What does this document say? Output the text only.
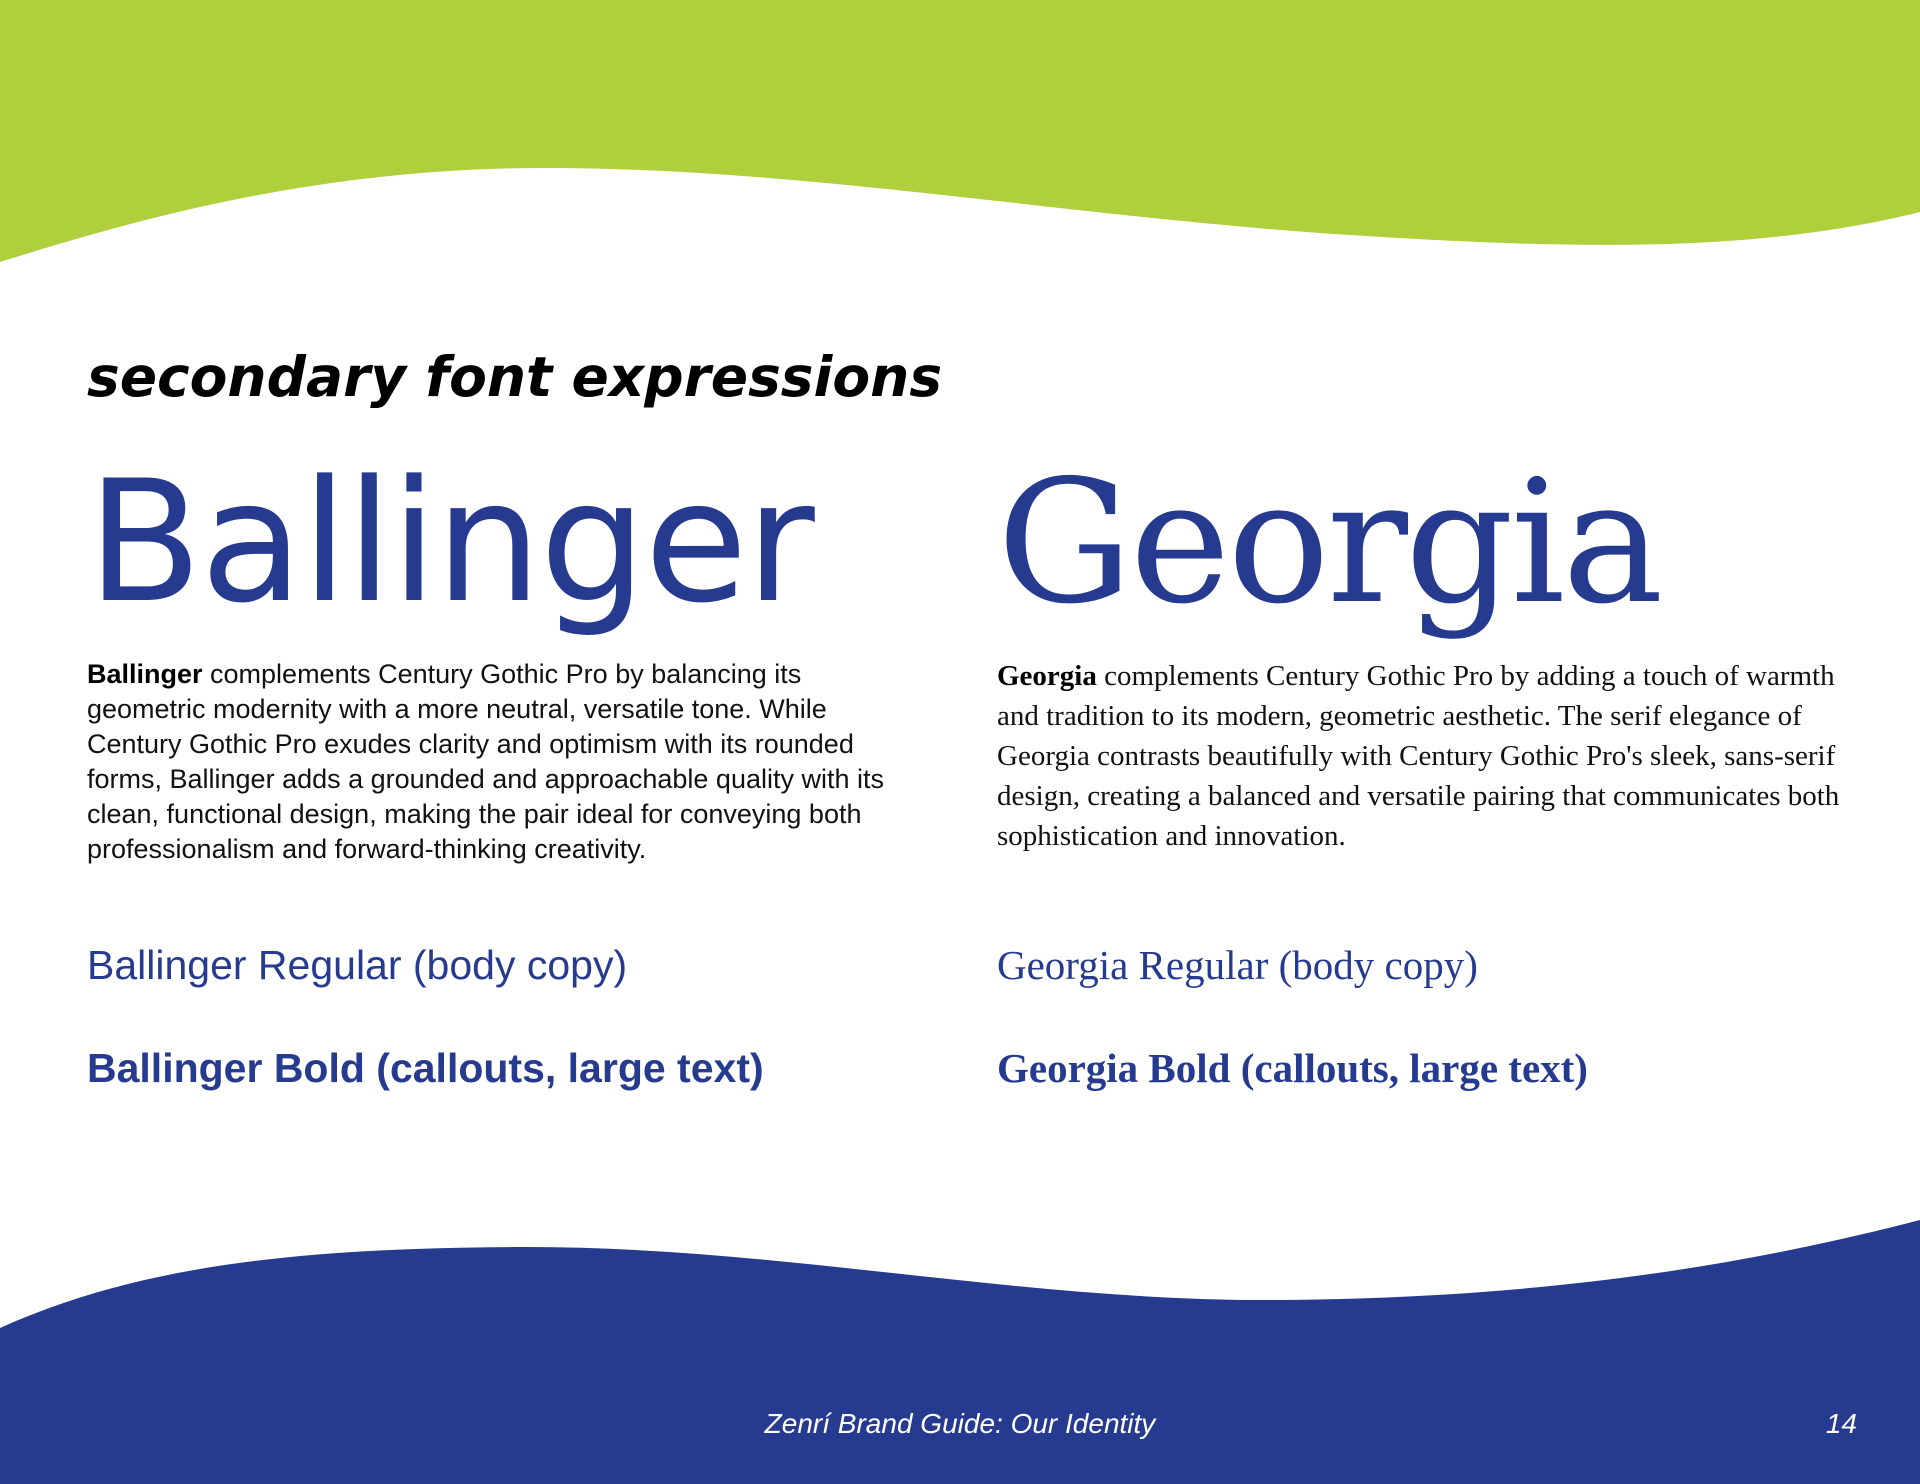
secondary font expressions
Ballinger

Ballinger complements Century Gothic Pro by balancing its geometric modernity with a more neutral, versatile tone. While Century Gothic Pro exudes clarity and optimism with its rounded forms, Ballinger adds a grounded and approachable quality with its clean, functional design, making the pair ideal for conveying both professionalism and forward-thinking creativity.

Ballinger Regular (body copy)

Ballinger Bold (callouts, large text)

Georgia

Georgia complements Century Gothic Pro by adding a touch of warmth and tradition to its modern, geometric aesthetic. The serif elegance of Georgia contrasts beautifully with Century Gothic Pro's sleek, sans-serif design, creating a balanced and versatile pairing that communicates both sophistication and innovation.

Georgia Regular (body copy)

Georgia Bold (callouts, large text)

Zenrí Brand Guide: Our Identity	14
